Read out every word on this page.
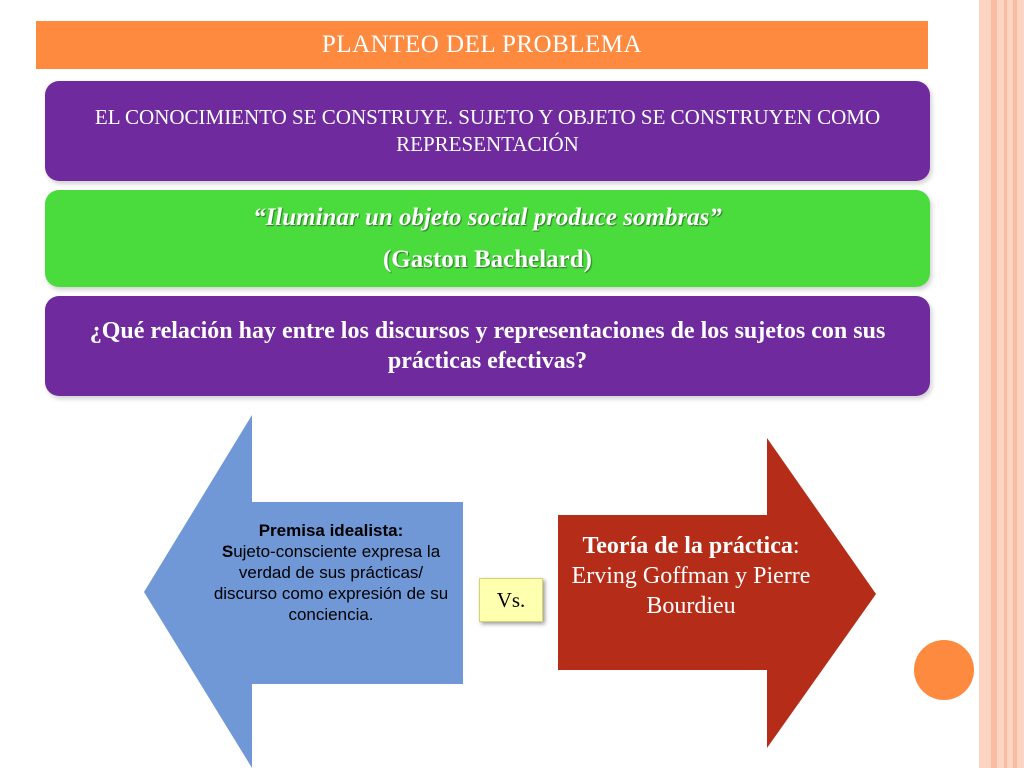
PLANTEO DEL PROBLEMA

EL CONOCIMIENTO SE CONSTRUYE. SUJETO Y OBJETO SE CONSTRUYEN COMO REPRESENTACIÓN

“Iluminar un objeto social produce sombras”

(Gaston Bachelard)

¿Qué relación hay entre los discursos y representaciones de los sujetos con sus prácticas efectivas?

Premisa idealista:
Sujeto-consciente expresa la verdad de sus prácticas/ discurso como expresión de su conciencia.
Teoría de la práctica: Erving Goffman y Pierre Bourdieu
Vs.
